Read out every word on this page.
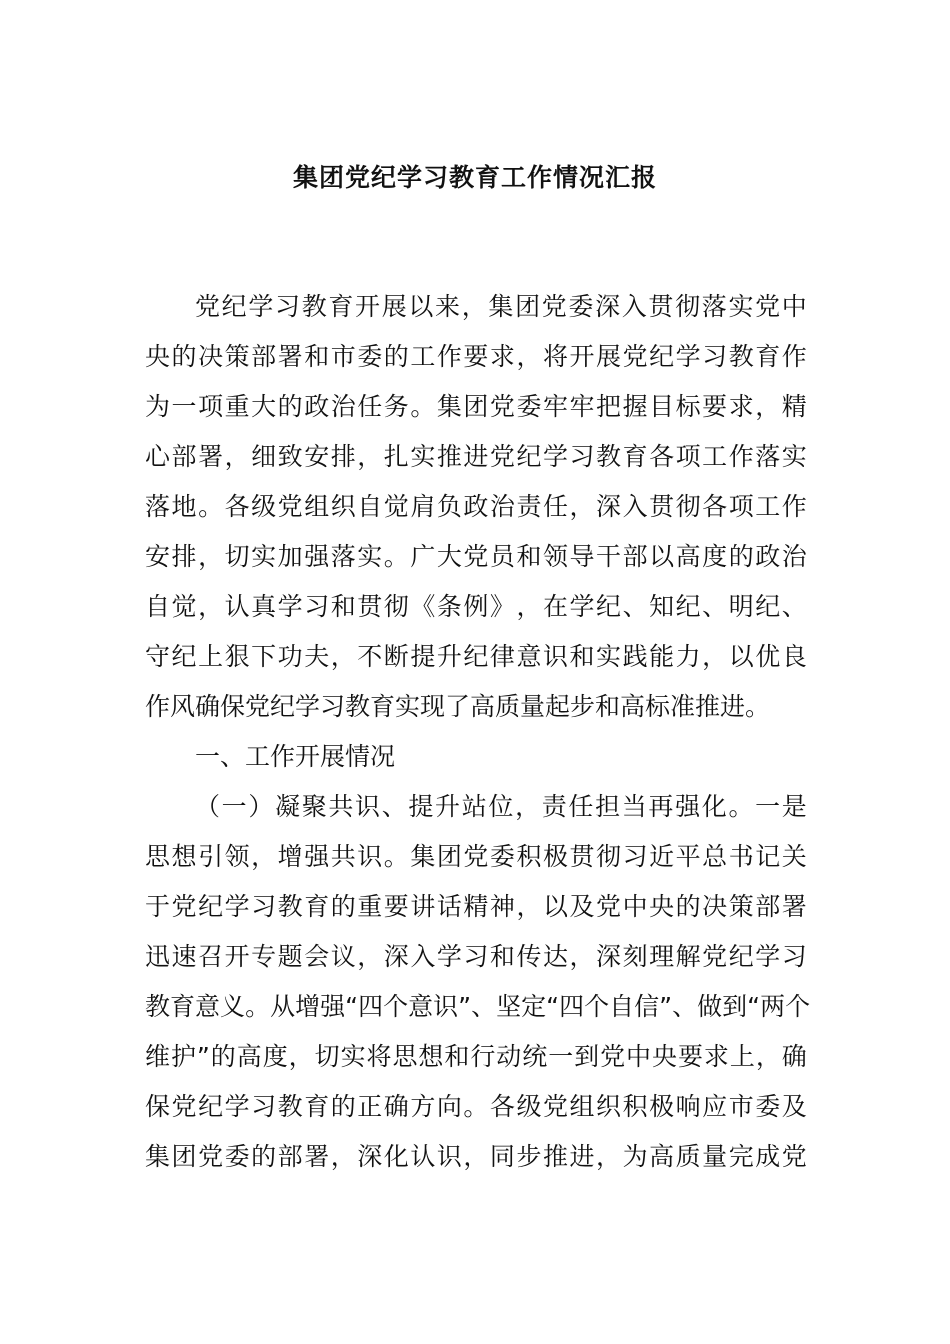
集团党纪学习教育工作情况汇报
党 纪 学 习 教 育 开 展 以 来 ， 集 团 党 委 深 入 贯 彻 落 实 党 中
央 的 决 策 部 署 和 市 委 的 工 作 要 求 ， 将 开 展 党 纪 学 习 教 育 作
为 一 项 重 大 的 政 治 任 务 。 集 团 党 委 牢 牢 把 握 目 标 要 求 ， 精
心 部 署 ， 细 致 安 排 ， 扎 实 推 进 党 纪 学 习 教 育 各 项 工 作 落 实
落 地 。 各 级 党 组 织 自 觉 肩 负 政 治 责 任 ， 深 入 贯 彻 各 项 工 作
安 排 ， 切 实 加 强 落 实 。 广 大 党 员 和 领 导 干 部 以 高 度 的 政 治
自 觉 ， 认 真 学 习 和 贯 彻 《 条 例 》 ， 在 学 纪 、 知 纪 、 明 纪 、
守 纪 上 狠 下 功 夫 ， 不 断 提 升 纪 律 意 识 和 实 践 能 力 ， 以 优 良
作风确保党纪学习教育实现了高质量起步和高标准推进。
一、工作开展情况
（ 一 ） 凝 聚 共 识 、 提 升 站 位 ， 责 任 担 当 再 强 化 。 一 是
思 想 引 领 ， 增 强 共 识 。 集 团 党 委 积 极 贯 彻 习 近 平 总 书 记 关
于 党 纪 学 习 教 育 的 重 要 讲 话 精 神 ， 以 及 党 中 央 的 决 策 部 署
迅 速 召 开 专 题 会 议 ， 深 入 学 习 和 传 达 ， 深 刻 理 解 党 纪 学 习
教 育 意 义 。 从 增 强 “ 四 个 意 识 ” 、 坚 定 “ 四 个 自 信 ” 、 做 到 “ 两 个
维 护 ” 的 高 度 ， 切 实 将 思 想 和 行 动 统 一 到 党 中 央 要 求 上 ， 确
保 党 纪 学 习 教 育 的 正 确 方 向 。 各 级 党 组 织 积 极 响 应 市 委 及
集 团 党 委 的 部 署 ， 深 化 认 识 ， 同 步 推 进 ， 为 高 质 量 完 成 党
